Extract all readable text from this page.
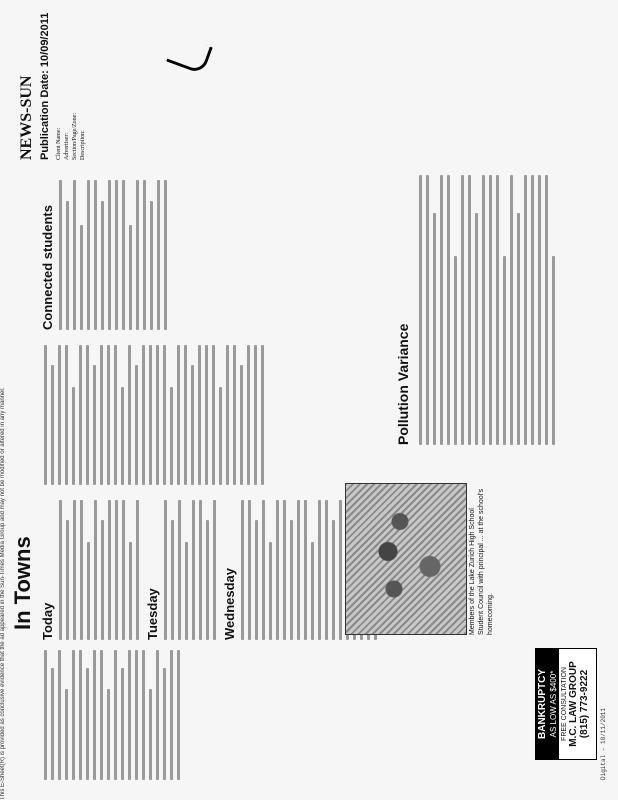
This E-Sheet(R) is provided as conclusive evidence that the ad appeared in the Sun-Times Media Group and may not be modified or altered in any manner. In Towns Today	Tuesday	Wednesday	Members of the Lake Zurich High School Student Council with principal ... at the school's homecoming.
Connected students
Pollution Variance
BANKRUPTCY AS LOW AS $400* FREE CONSULTATION M.C. LAW GROUP (815) 773-9222
NEWS-SUN Publication Date: 10/09/2011
Client Name: Advertiser: Section/Page/Zone: Description:
Digital - 10/11/2011
